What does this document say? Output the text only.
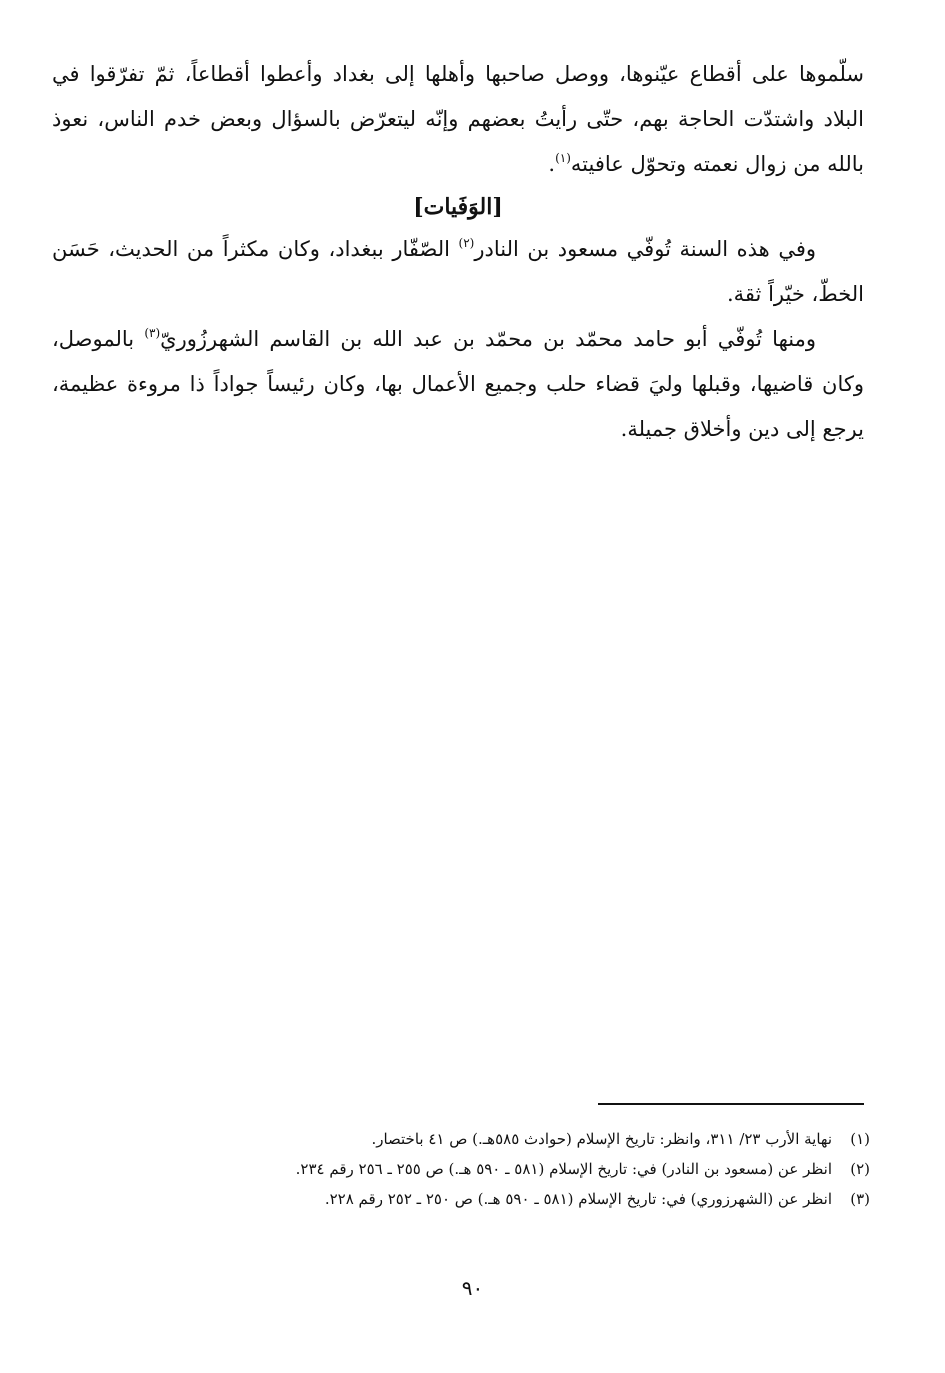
سلّموها على أقطاع عيّنوها، ووصل صاحبها وأهلها إلى بغداد وأعطوا أقطاعاً، ثمّ تفرّقوا في البلاد واشتدّت الحاجة بهم، حتّى رأيتُ بعضهم وإنّه ليتعرّض بالسؤال وبعض خدم الناس، نعوذ بالله من زوال نعمته وتحوّل عافيته$^{(١)}$.

[الوَفَيات]

وفي هذه السنة تُوفّي مسعود بن النادر$^{(٢)}$ الصّفّار ببغداد، وكان مكثراً من الحديث، حَسَن الخطّ، خيّراً ثقة.

ومنها تُوفّي أبو حامد محمّد بن محمّد بن عبد الله بن القاسم الشهرزُوريّ$^{(٣)}$ بالموصل، وكان قاضيها، وقبلها وليَ قضاء حلب وجميع الأعمال بها، وكان رئيساً جواداً ذا مروءة عظيمة، يرجع إلى دين وأخلاق جميلة.

(١)
نهاية الأرب ٢٣/ ٣١١، وانظر: تاريخ الإسلام (حوادث ٥٨٥هـ.) ص ٤١ باختصار.
(٢)
انظر عن (مسعود بن النادر) في: تاريخ الإسلام (٥٨١ ـ ٥٩٠ هـ.) ص ٢٥٥ ـ ٢٥٦ رقم ٢٣٤.
(٣)
انظر عن (الشهرزوري) في: تاريخ الإسلام (٥٨١ ـ ٥٩٠ هـ.) ص ٢٥٠ ـ ٢٥٢ رقم ٢٢٨.
٩٠
